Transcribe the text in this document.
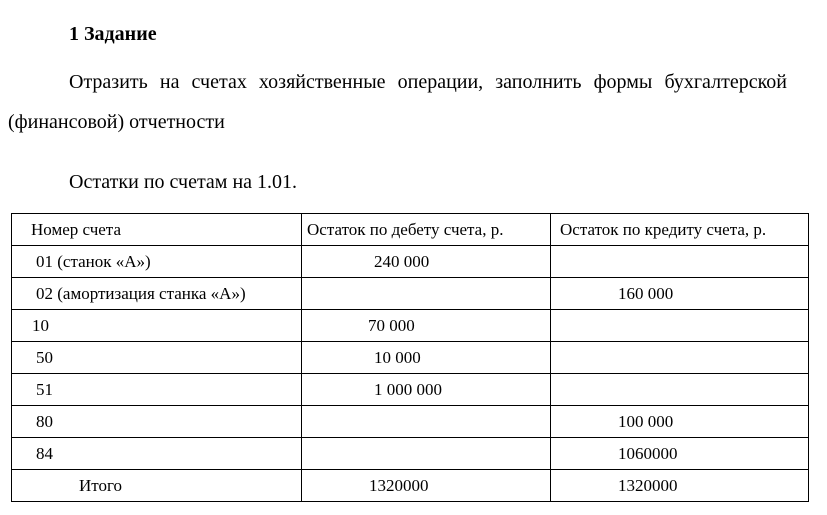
1 Задание
Отразить на счетах хозяйственные операции, заполнить формы бухгалтерской (финансовой) отчетности
Остатки по счетам на 1.01.
Номер счета	Остаток по дебету счета, р.	Остаток по кредиту счета, р.
01 (станок «А»)	240 000	
02 (амортизация станка «А»)		160 000
10	70 000	
50	10 000	
51	1 000 000	
80		100 000
84		1060000
Итого	1320000	1320000
